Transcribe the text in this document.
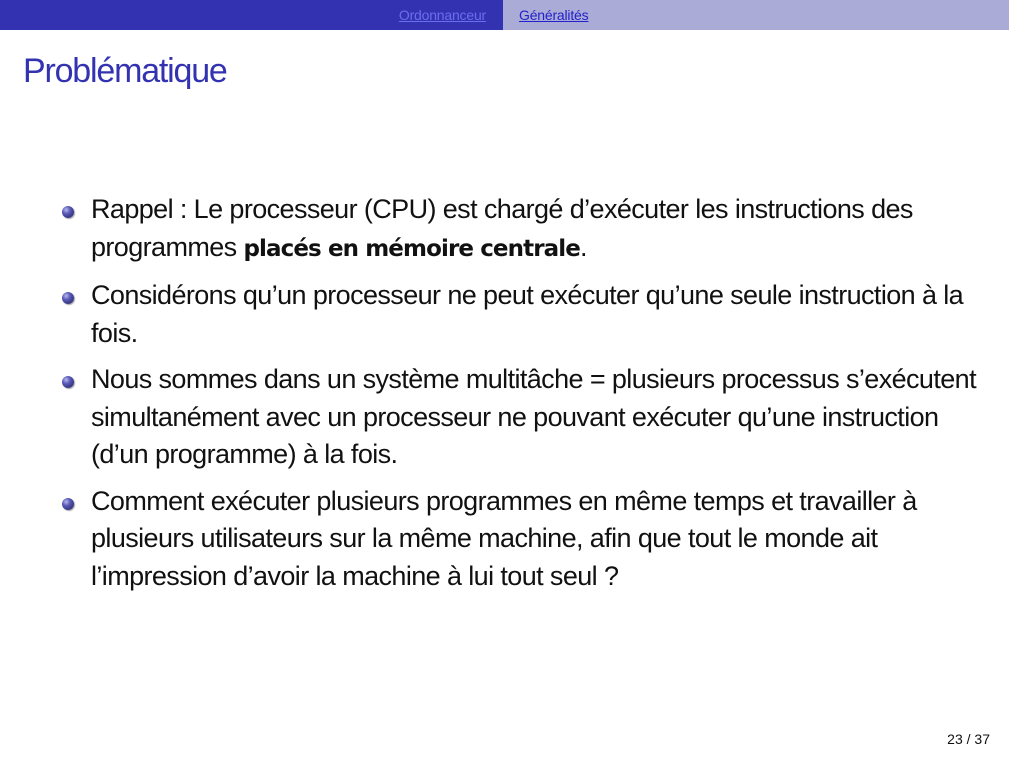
Ordonnanceur Généralités
Problématique
Rappel : Le processeur (CPU) est chargé d’exécuter les instructions des programmes placés en mémoire centrale.
Considérons qu’un processeur ne peut exécuter qu’une seule instruction à la fois.
Nous sommes dans un système multitâche = plusieurs processus s’exécutent simultanément avec un processeur ne pouvant exécuter qu’une instruction (d’un programme) à la fois.
Comment exécuter plusieurs programmes en même temps et travailler à plusieurs utilisateurs sur la même machine, afin que tout le monde ait l’impression d’avoir la machine à lui tout seul ?
23 / 37
